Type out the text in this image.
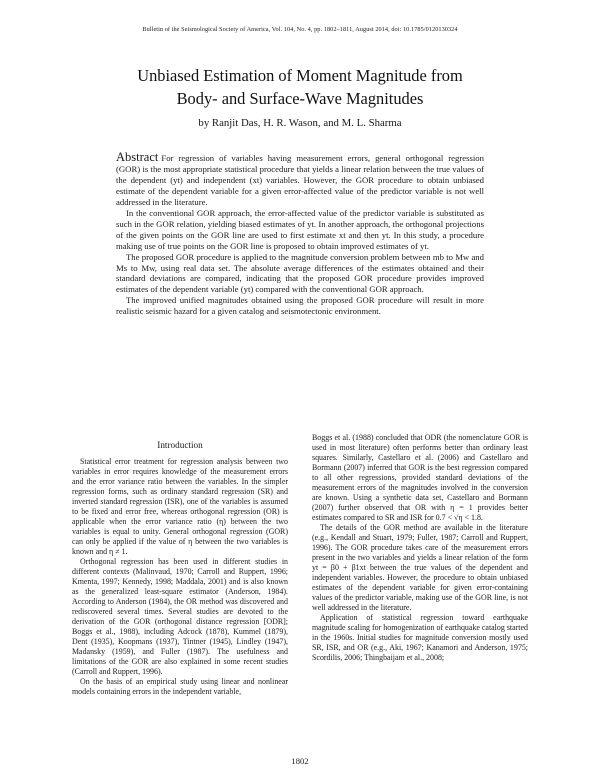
Bulletin of the Seismological Society of America, Vol. 104, No. 4, pp. 1802–1811, August 2014, doi: 10.1785/0120130324
Unbiased Estimation of Moment Magnitude from
Body- and Surface-Wave Magnitudes
by Ranjit Das, H. R. Wason, and M. L. Sharma

Abstract For regression of variables having measurement errors, general orthogonal regression (GOR) is the most appropriate statistical procedure that yields a linear relation between the true values of the dependent (yt) and independent (xt) variables. However, the GOR procedure to obtain unbiased estimate of the dependent variable for a given error-affected value of the predictor variable is not well addressed in the literature.

In the conventional GOR approach, the error-affected value of the predictor variable is substituted as such in the GOR relation, yielding biased estimates of yt. In another approach, the orthogonal projections of the given points on the GOR line are used to first estimate xt and then yt. In this study, a procedure making use of true points on the GOR line is proposed to obtain improved estimates of yt.

The proposed GOR procedure is applied to the magnitude conversion problem between mb to Mw and Ms to Mw, using real data set. The absolute average differences of the estimates obtained and their standard deviations are compared, indicating that the proposed GOR procedure provides improved estimates of the dependent variable (yt) compared with the conventional GOR approach.

The improved unified magnitudes obtained using the proposed GOR procedure will result in more realistic seismic hazard for a given catalog and seismotectonic environment.

Introduction

Statistical error treatment for regression analysis between two variables in error requires knowledge of the measurement errors and the error variance ratio between the variables. In the simpler regression forms, such as ordinary standard regression (SR) and inverted standard regression (ISR), one of the variables is assumed to be fixed and error free, whereas orthogonal regression (OR) is applicable when the error variance ratio (η) between the two variables is equal to unity. General orthogonal regression (GOR) can only be applied if the value of η between the two variables is known and η ≠ 1.

Orthogonal regression has been used in different studies in different contexts (Malinvaud, 1970; Carroll and Ruppert, 1996; Kmenta, 1997; Kennedy, 1998; Maddala, 2001) and is also known as the generalized least-square estimator (Anderson, 1984). According to Anderson (1984), the OR method was discovered and rediscovered several times. Several studies are devoted to the derivation of the GOR (orthogonal distance regression [ODR]; Boggs et al., 1988), including Adcock (1878), Kummel (1879), Dent (1935), Koopmans (1937), Tintner (1945), Lindley (1947), Madansky (1959), and Fuller (1987). The usefulness and limitations of the GOR are also explained in some recent studies (Carroll and Ruppert, 1996).

On the basis of an empirical study using linear and nonlinear models containing errors in the independent variable,

Boggs et al. (1988) concluded that ODR (the nomenclature GOR is used in most literature) often performs better than ordinary least squares. Similarly, Castellaro et al. (2006) and Castellaro and Bormann (2007) inferred that GOR is the best regression compared to all other regressions, provided standard deviations of the measurement errors of the magnitudes involved in the conversion are known. Using a synthetic data set, Castellaro and Bormann (2007) further observed that OR with η = 1 provides better estimates compared to SR and ISR for 0.7 < √η < 1.8.

The details of the GOR method are available in the literature (e.g., Kendall and Stuart, 1979; Fuller, 1987; Carroll and Ruppert, 1996). The GOR procedure takes care of the measurement errors present in the two variables and yields a linear relation of the form yt = β0 + β1xt between the true values of the dependent and independent variables. However, the procedure to obtain unbiased estimates of the dependent variable for given error-containing values of the predictor variable, making use of the GOR line, is not well addressed in the literature.

Application of statistical regression toward earthquake magnitude scaling for homogenization of earthquake catalog started in the 1960s. Initial studies for magnitude conversion mostly used SR, ISR, and OR (e.g., Aki, 1967; Kanamori and Anderson, 1975; Scordilis, 2006; Thingbaijam et al., 2008;

1802
